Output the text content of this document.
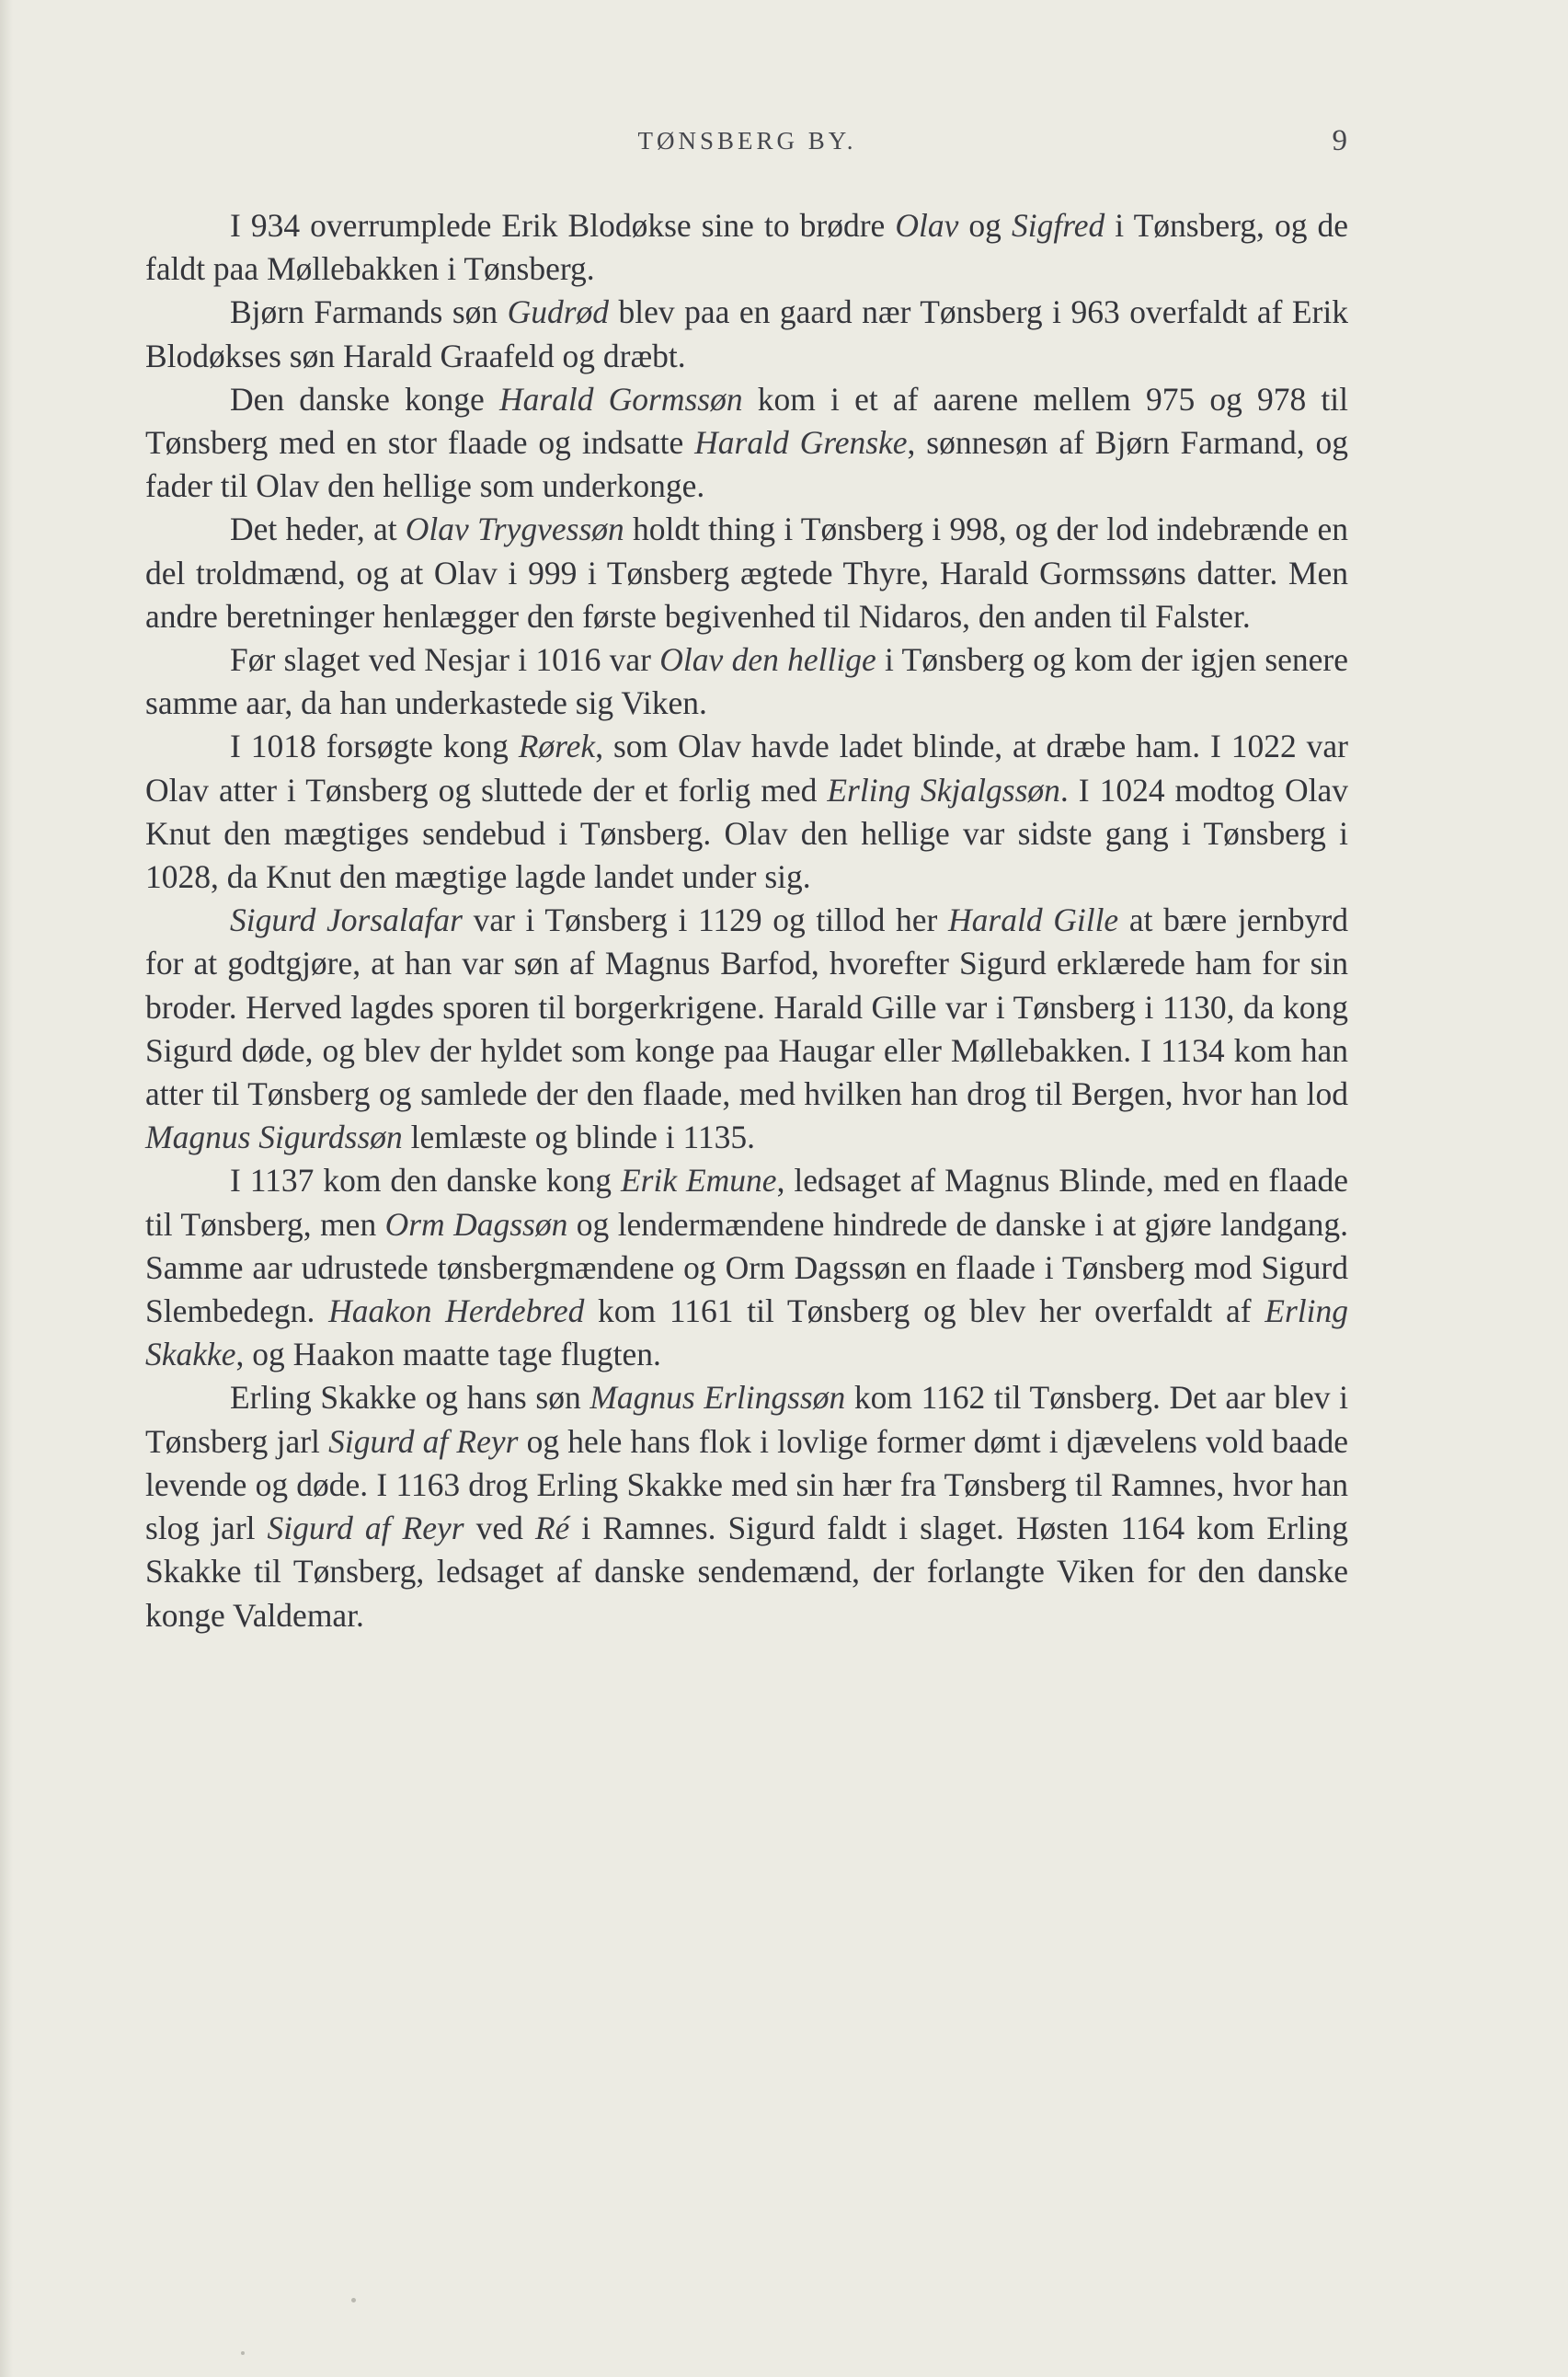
TØNSBERG BY.	9

I 934 overrumplede Erik Blodøkse sine to brødre Olav og Sigfred i Tønsberg, og de faldt paa Møllebakken i Tønsberg.

Bjørn Farmands søn Gudrød blev paa en gaard nær Tønsberg i 963 overfaldt af Erik Blodøkses søn Harald Graafeld og dræbt.

Den danske konge Harald Gormssøn kom i et af aarene mellem 975 og 978 til Tønsberg med en stor flaade og indsatte Harald Grenske, sønnesøn af Bjørn Farmand, og fader til Olav den hellige som underkonge.

Det heder, at Olav Trygvessøn holdt thing i Tønsberg i 998, og der lod indebrænde en del troldmænd, og at Olav i 999 i Tønsberg ægtede Thyre, Harald Gormssøns datter. Men andre beretninger henlægger den første begivenhed til Nidaros, den anden til Falster.

Før slaget ved Nesjar i 1016 var Olav den hellige i Tønsberg og kom der igjen senere samme aar, da han underkastede sig Viken.

I 1018 forsøgte kong Rørek, som Olav havde ladet blinde, at dræbe ham. I 1022 var Olav atter i Tønsberg og sluttede der et forlig med Erling Skjalgssøn. I 1024 modtog Olav Knut den mægtiges sendebud i Tønsberg. Olav den hellige var sidste gang i Tønsberg i 1028, da Knut den mægtige lagde landet under sig.

Sigurd Jorsalafar var i Tønsberg i 1129 og tillod her Harald Gille at bære jernbyrd for at godtgjøre, at han var søn af Magnus Barfod, hvorefter Sigurd erklærede ham for sin broder. Herved lagdes sporen til borgerkrigene. Harald Gille var i Tønsberg i 1130, da kong Sigurd døde, og blev der hyldet som konge paa Haugar eller Møllebakken. I 1134 kom han atter til Tønsberg og samlede der den flaade, med hvilken han drog til Bergen, hvor han lod Magnus Sigurdssøn lemlæste og blinde i 1135.

I 1137 kom den danske kong Erik Emune, ledsaget af Magnus Blinde, med en flaade til Tønsberg, men Orm Dagssøn og lendermændene hindrede de danske i at gjøre landgang. Samme aar udrustede tønsbergmændene og Orm Dagssøn en flaade i Tønsberg mod Sigurd Slembedegn. Haakon Herdebred kom 1161 til Tønsberg og blev her overfaldt af Erling Skakke, og Haakon maatte tage flugten.

Erling Skakke og hans søn Magnus Erlingssøn kom 1162 til Tønsberg. Det aar blev i Tønsberg jarl Sigurd af Reyr og hele hans flok i lovlige former dømt i djævelens vold baade levende og døde. I 1163 drog Erling Skakke med sin hær fra Tønsberg til Ramnes, hvor han slog jarl Sigurd af Reyr ved Ré i Ramnes. Sigurd faldt i slaget. Høsten 1164 kom Erling Skakke til Tønsberg, ledsaget af danske sendemænd, der forlangte Viken for den danske konge Valdemar.
